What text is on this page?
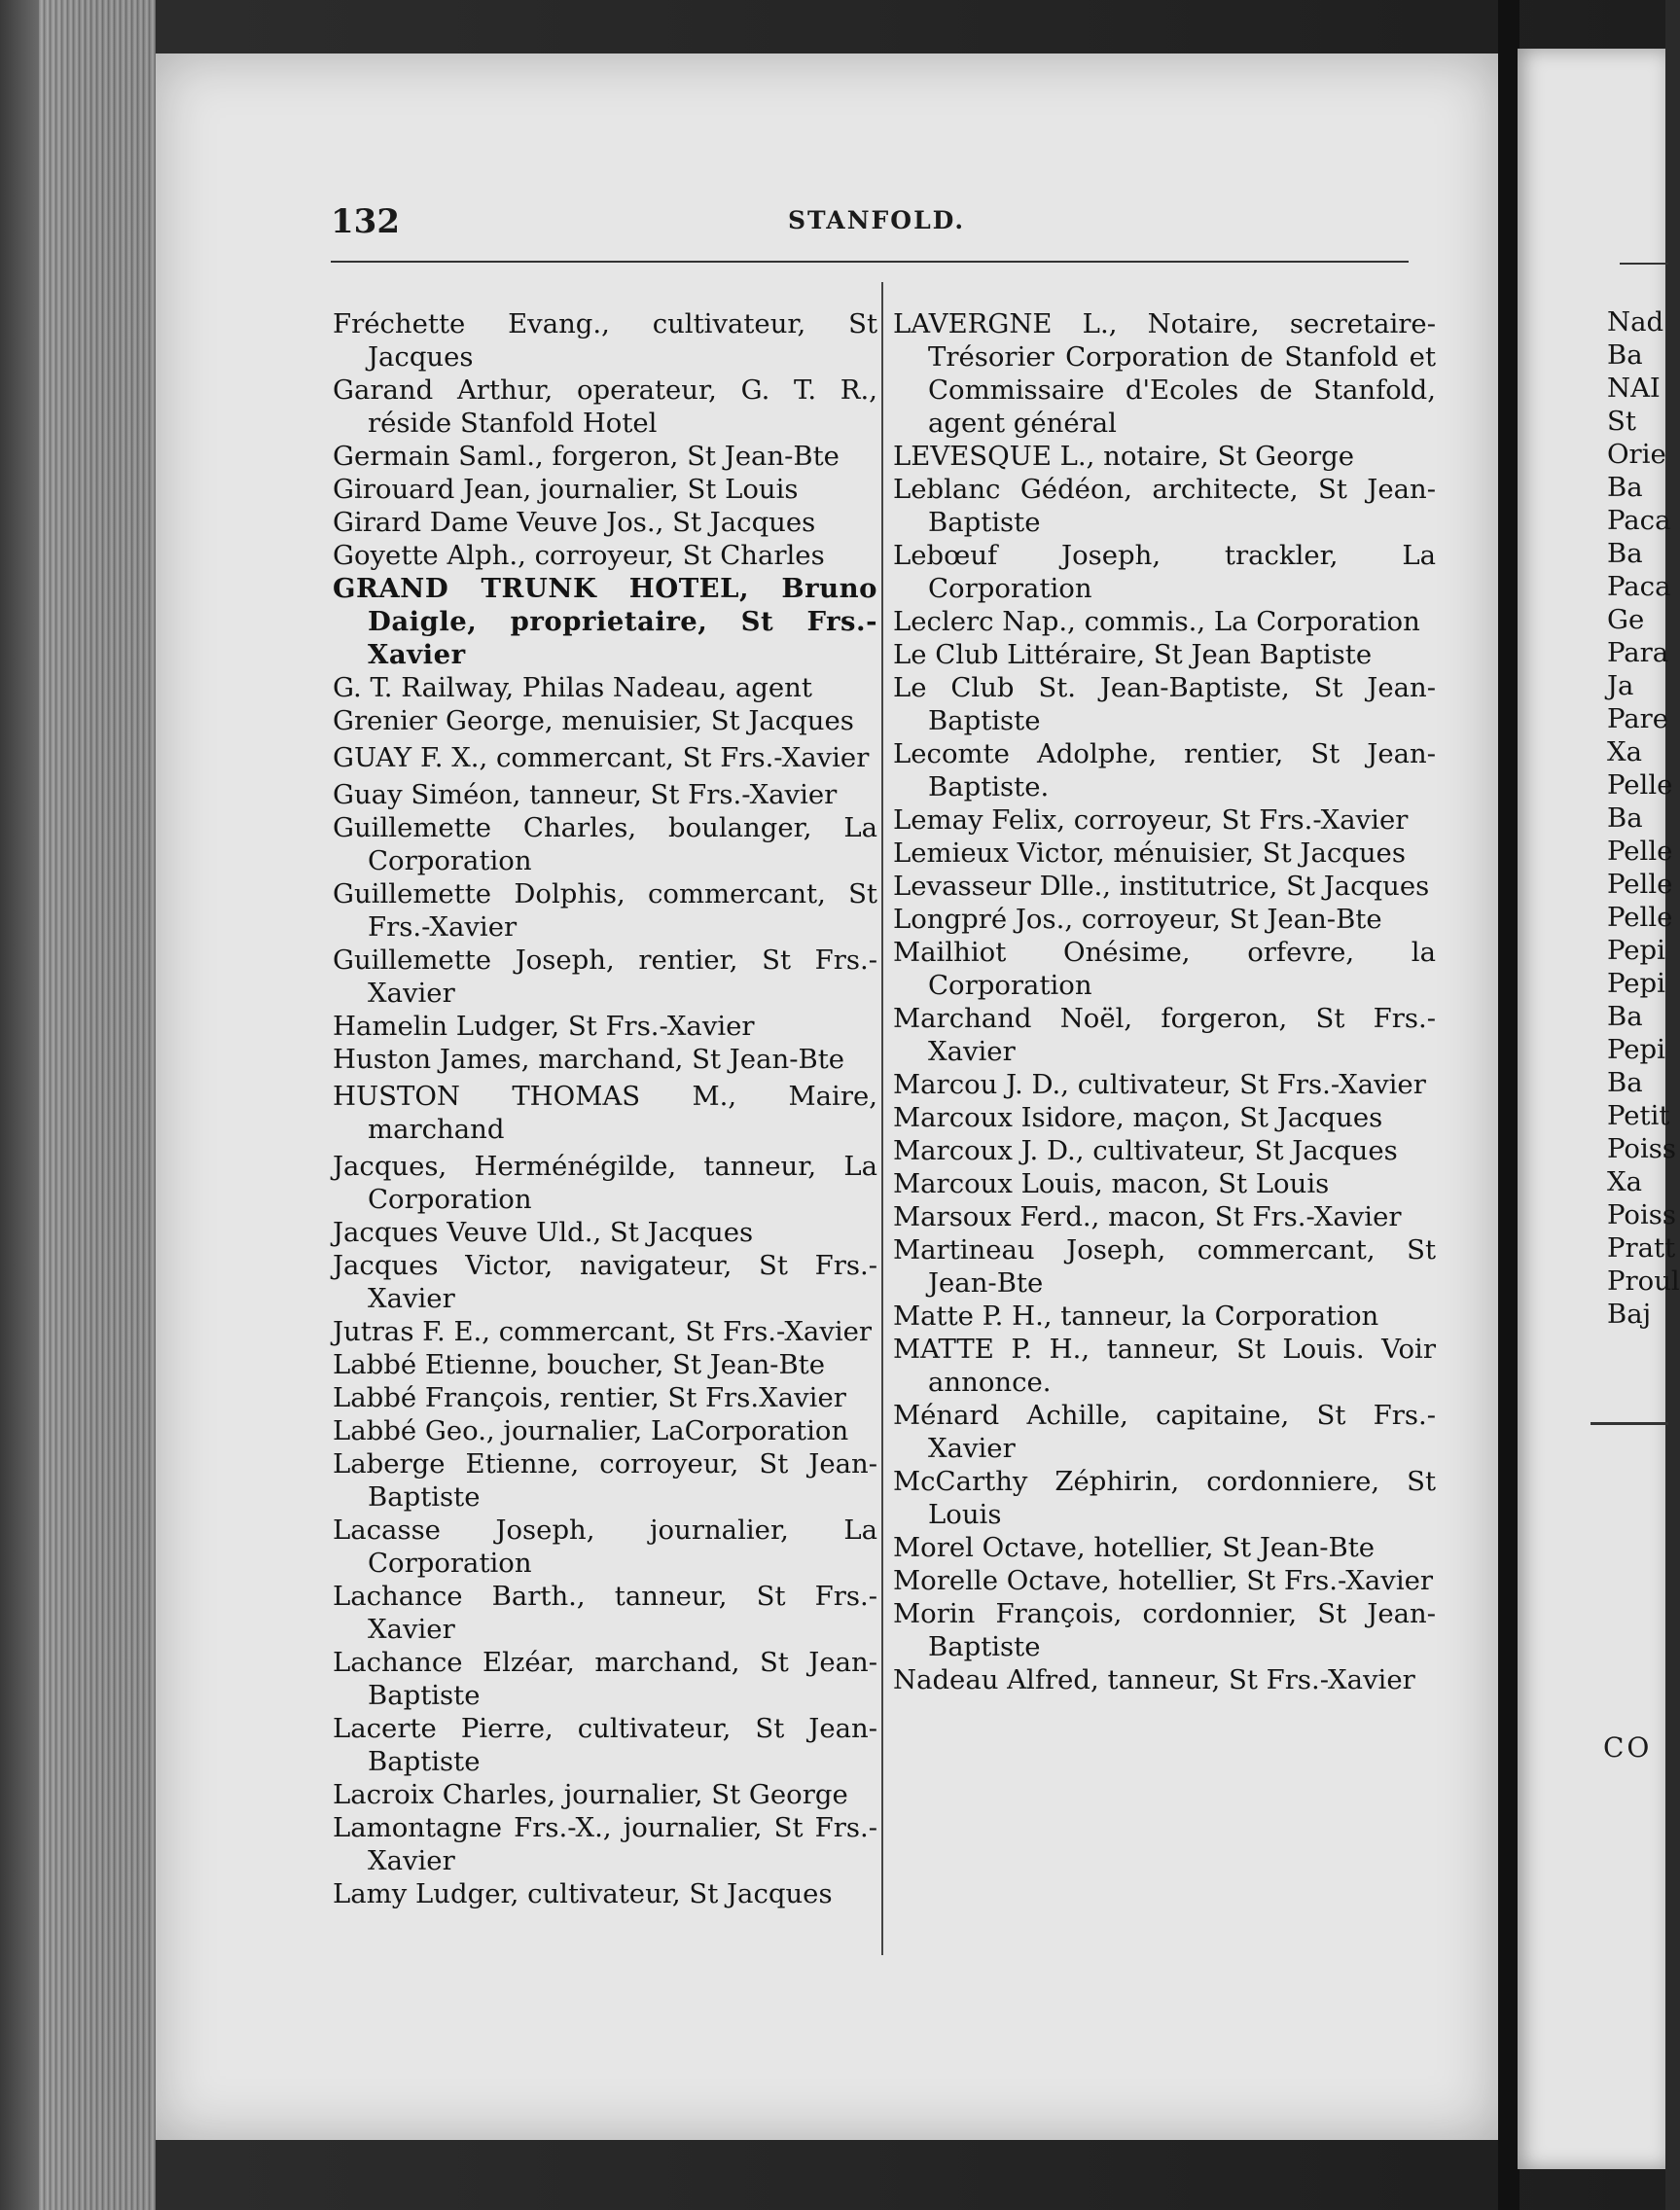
132	STANFOLD.

Fréchette Evang., cultivateur, St Jacques

Garand Arthur, operateur, G. T. R., réside Stanfold Hotel

Germain Saml., forgeron, St Jean-Bte

Girouard Jean, journalier, St Louis

Girard Dame Veuve Jos., St Jacques

Goyette Alph., corroyeur, St Charles

GRAND TRUNK HOTEL, Bruno Daigle, proprietaire, St Frs.-Xavier

G. T. Railway, Philas Nadeau, agent

Grenier George, menuisier, St Jacques

GUAY F. X., commercant, St Frs.-Xavier

Guay Siméon, tanneur, St Frs.-Xavier

Guillemette Charles, boulanger, La Corporation

Guillemette Dolphis, commercant, St Frs.-Xavier

Guillemette Joseph, rentier, St Frs.-Xavier

Hamelin Ludger, St Frs.-Xavier

Huston James, marchand, St Jean-Bte

HUSTON THOMAS M., Maire, marchand

Jacques, Herménégilde, tanneur, La Corporation

Jacques Veuve Uld., St Jacques

Jacques Victor, navigateur, St Frs.-Xavier

Jutras F. E., commercant, St Frs.-Xavier

Labbé Etienne, boucher, St Jean-Bte

Labbé François, rentier, St Frs.Xavier

Labbé Geo., journalier, LaCorporation

Laberge Etienne, corroyeur, St Jean-Baptiste

Lacasse Joseph, journalier, La Corporation

Lachance Barth., tanneur, St Frs.-Xavier

Lachance Elzéar, marchand, St Jean-Baptiste

Lacerte Pierre, cultivateur, St Jean-Baptiste

Lacroix Charles, journalier, St George

Lamontagne Frs.-X., journalier, St Frs.-Xavier

Lamy Ludger, cultivateur, St Jacques

LAVERGNE L., Notaire, secretaire-Trésorier Corporation de Stanfold et Commissaire d'Ecoles de Stanfold, agent général

LEVESQUE L., notaire, St George

Leblanc Gédéon, architecte, St Jean-Baptiste

Lebœuf Joseph, trackler, La Corporation

Leclerc Nap., commis., La Corporation

Le Club Littéraire, St Jean Baptiste

Le Club St. Jean-Baptiste, St Jean-Baptiste

Lecomte Adolphe, rentier, St Jean-Baptiste.

Lemay Felix, corroyeur, St Frs.-Xavier

Lemieux Victor, ménuisier, St Jacques

Levasseur Dlle., institutrice, St Jacques

Longpré Jos., corroyeur, St Jean-Bte

Mailhiot Onésime, orfevre, la Corporation

Marchand Noël, forgeron, St Frs.-Xavier

Marcou J. D., cultivateur, St Frs.-Xavier

Marcoux Isidore, maçon, St Jacques

Marcoux J. D., cultivateur, St Jacques

Marcoux Louis, macon, St Louis

Marsoux Ferd., macon, St Frs.-Xavier

Martineau Joseph, commercant, St Jean-Bte

Matte P. H., tanneur, la Corporation

MATTE P. H., tanneur, St Louis. Voir annonce.

Ménard Achille, capitaine, St Frs.-Xavier

McCarthy Zéphirin, cordonniere, St Louis

Morel Octave, hotellier, St Jean-Bte

Morelle Octave, hotellier, St Frs.-Xavier

Morin François, cordonnier, St Jean-Baptiste

Nadeau Alfred, tanneur, St Frs.-Xavier

Nad
Ba
NAI
St
Orie
Ba
Paca
Ba
Paca
Ge
Para
Ja
Pare
Xa
Pelle
Ba
Pelle
Pelle
Pelle
Pepi
Pepi
Ba
Pepi
Ba
Petit
Poiss
Xa
Poiss
Pratt
Proul
Baj
CO
